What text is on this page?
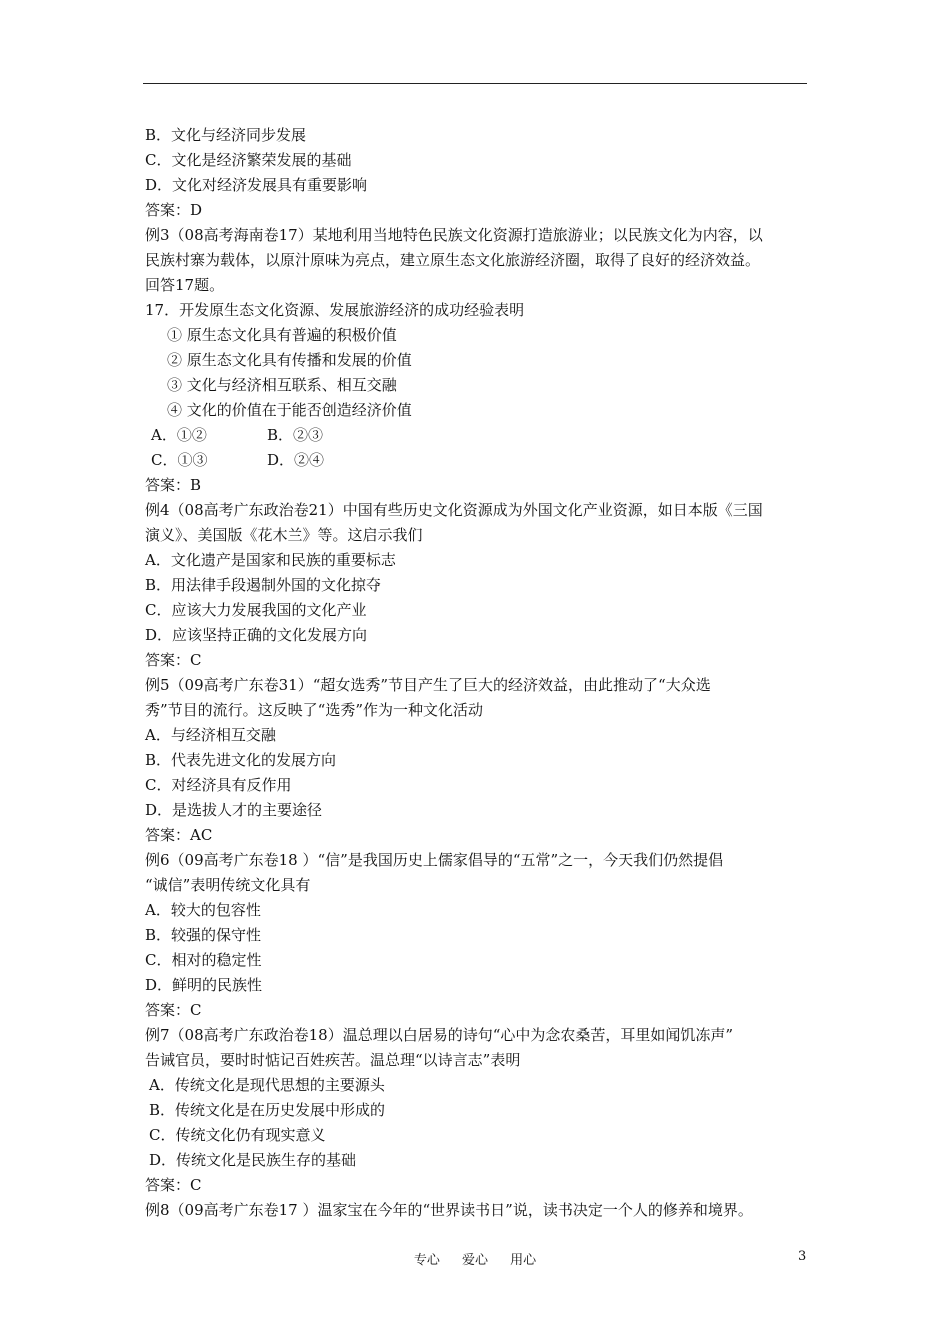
B．文化与经济同步发展
C．文化是经济繁荣发展的基础
D．文化对经济发展具有重要影响
答案：D
例3（08高考海南卷17）某地利用当地特色民族文化资源打造旅游业；以民族文化为内容，以
民族村寨为载体，以原汁原味为亮点，建立原生态文化旅游经济圈，取得了良好的经济效益。
回答17题。
17．开发原生态文化资源、发展旅游经济的成功经验表明
① 原生态文化具有普遍的积极价值
② 原生态文化具有传播和发展的价值
③ 文化与经济相互联系、相互交融
④ 文化的价值在于能否创造经济价值
A．①②	B．②③
C．①③	D．②④
答案：B
例4（08高考广东政治卷21）中国有些历史文化资源成为外国文化产业资源，如日本版《三国
演义》、美国版《花木兰》等。这启示我们
A．文化遗产是国家和民族的重要标志
B．用法律手段遏制外国的文化掠夺
C．应该大力发展我国的文化产业
D．应该坚持正确的文化发展方向
答案：C
例5（09高考广东卷31）“超女选秀”节目产生了巨大的经济效益，由此推动了“大众选
秀”节目的流行。这反映了“选秀”作为一种文化活动
A．与经济相互交融
B．代表先进文化的发展方向
C．对经济具有反作用
D．是选拔人才的主要途径
答案：AC
例6（09高考广东卷18 ）“信”是我国历史上儒家倡导的“五常”之一，今天我们仍然提倡
“诚信”表明传统文化具有
A．较大的包容性
B．较强的保守性
C．相对的稳定性
D．鲜明的民族性
答案：C
例7（08高考广东政治卷18）温总理以白居易的诗句“心中为念农桑苦，耳里如闻饥冻声”
告诫官员，要时时惦记百姓疾苦。温总理“以诗言志”表明
A．传统文化是现代思想的主要源头
B．传统文化是在历史发展中形成的
C．传统文化仍有现实意义
D．传统文化是民族生存的基础
答案：C
例8（09高考广东卷17 ）温家宝在今年的“世界读书日”说，读书决定一个人的修养和境界。
专心 爱心 用心	3
